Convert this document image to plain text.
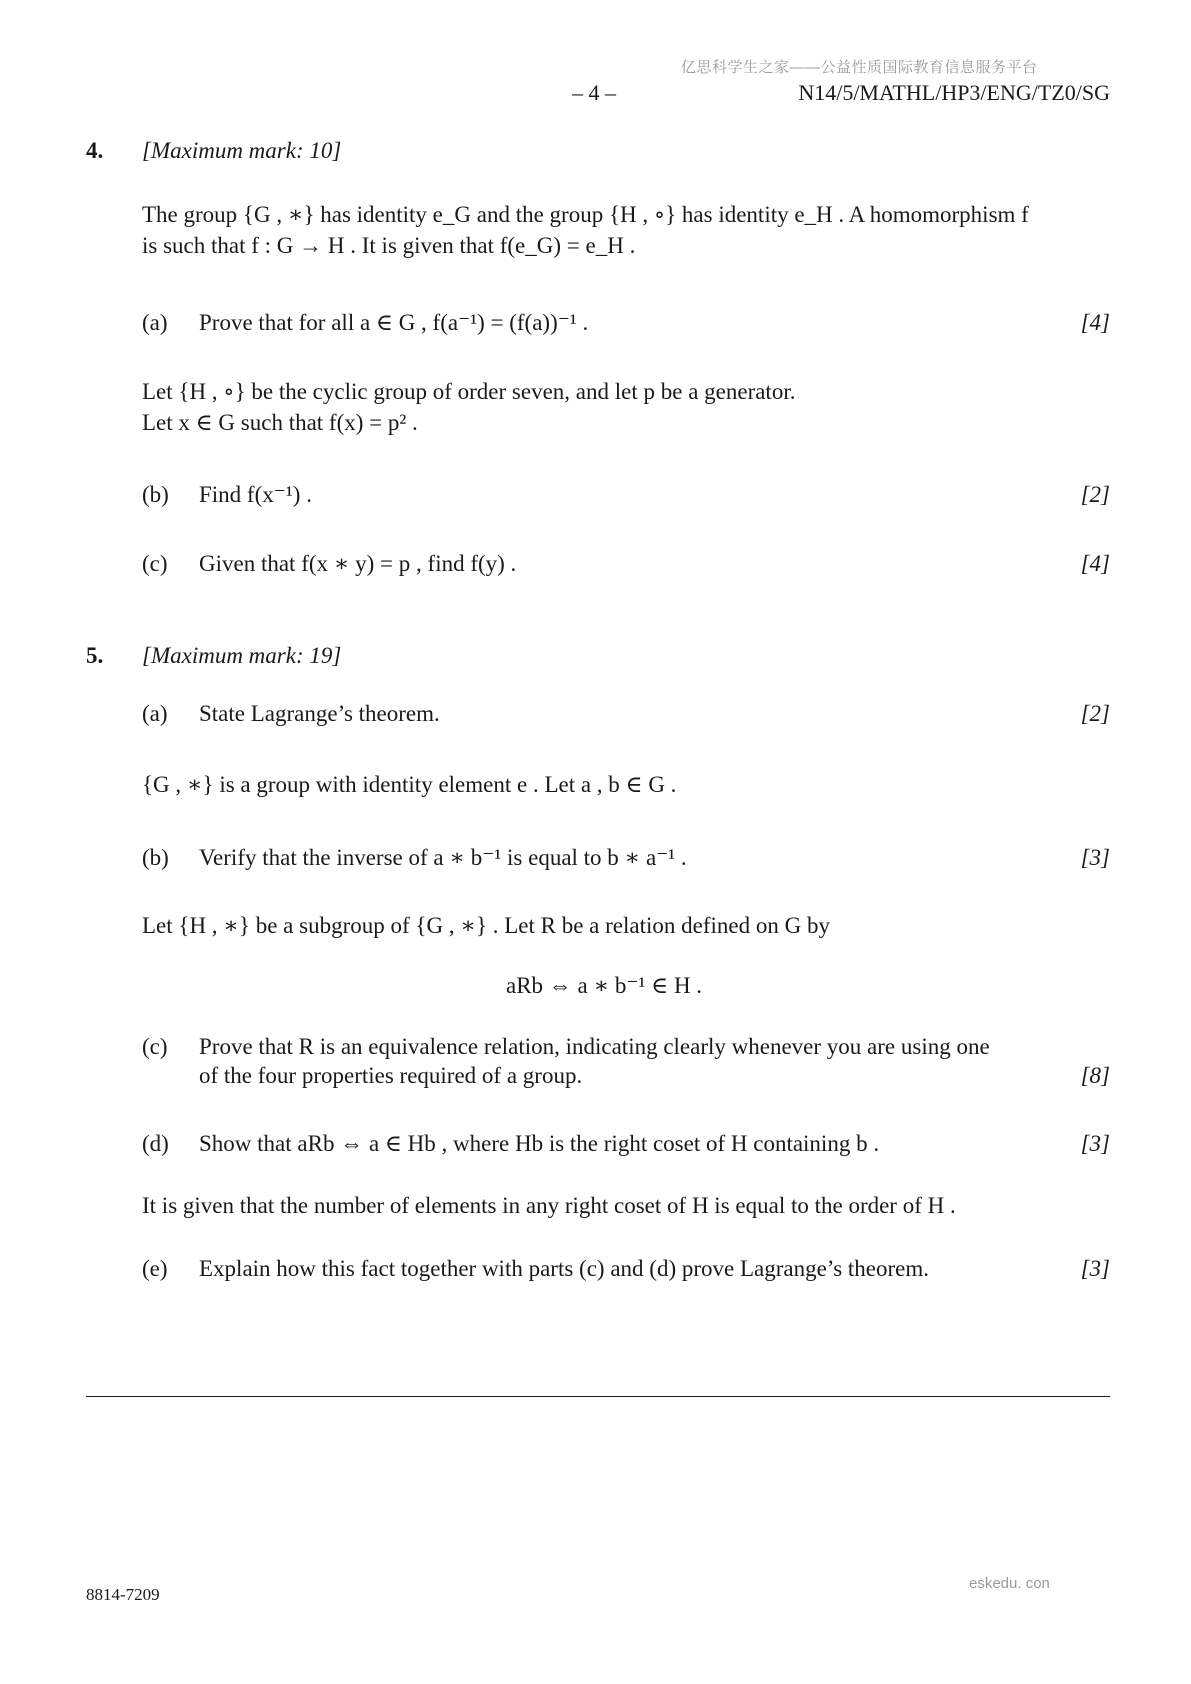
亿思科学生之家——公益性质国际教育信息服务平台
– 4 –	N14/5/MATHL/HP3/ENG/TZ0/SG
4. [Maximum mark: 10]
The group {G , ∗} has identity e_G and the group {H , ∘} has identity e_H . A homomorphism f
is such that f : G → H . It is given that f(e_G) = e_H .
(a) Prove that for all a ∈ G , f(a⁻¹) = (f(a))⁻¹ .	[4]
Let {H , ∘} be the cyclic group of order seven, and let p be a generator.
Let x ∈ G such that f(x) = p² .
(b) Find f(x⁻¹) .	[2]
(c) Given that f(x ∗ y) = p , find f(y) .	[4]
5. [Maximum mark: 19]
(a) State Lagrange’s theorem.	[2]
{G , ∗} is a group with identity element e . Let a , b ∈ G .
(b) Verify that the inverse of a ∗ b⁻¹ is equal to b ∗ a⁻¹ .	[3]
Let {H , ∗} be a subgroup of {G , ∗} . Let R be a relation defined on G by
aRb ⇔ a ∗ b⁻¹ ∈ H .
(c) Prove that R is an equivalence relation, indicating clearly whenever you are using one
of the four properties required of a group.	[8]
(d) Show that aRb ⇔ a ∈ Hb , where Hb is the right coset of H containing b .	[3]
It is given that the number of elements in any right coset of H is equal to the order of H .
(e) Explain how this fact together with parts (c) and (d) prove Lagrange’s theorem.	[3]
8814-7209
eskedu. con
